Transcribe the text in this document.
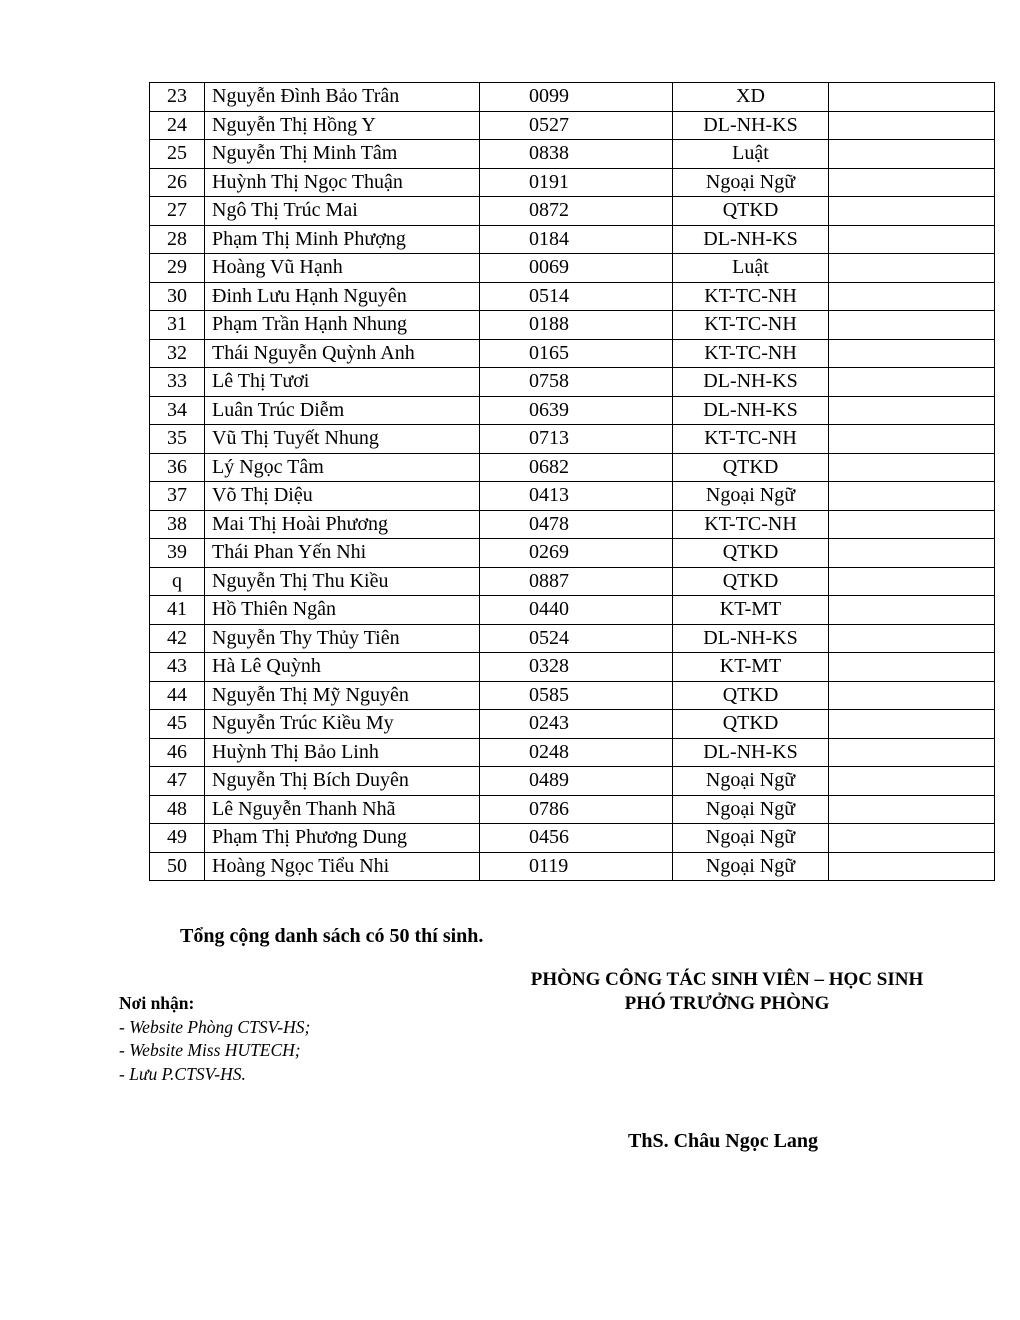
23	Nguyễn Đình Bảo Trân	0099	XD	
24	Nguyễn Thị Hồng Y	0527	DL-NH-KS	
25	Nguyễn Thị Minh Tâm	0838	Luật	
26	Huỳnh Thị Ngọc Thuận	0191	Ngoại Ngữ	
27	Ngô Thị Trúc Mai	0872	QTKD	
28	Phạm Thị Minh Phượng	0184	DL-NH-KS	
29	Hoàng Vũ Hạnh	0069	Luật	
30	Đinh Lưu Hạnh Nguyên	0514	KT-TC-NH	
31	Phạm Trần Hạnh Nhung	0188	KT-TC-NH	
32	Thái Nguyễn Quỳnh Anh	0165	KT-TC-NH	
33	Lê Thị Tươi	0758	DL-NH-KS	
34	Luân Trúc Diễm	0639	DL-NH-KS	
35	Vũ Thị Tuyết Nhung	0713	KT-TC-NH	
36	Lý Ngọc Tâm	0682	QTKD	
37	Võ Thị Diệu	0413	Ngoại Ngữ	
38	Mai Thị Hoài Phương	0478	KT-TC-NH	
39	Thái Phan Yến Nhi	0269	QTKD	
q	Nguyễn Thị Thu Kiều	0887	QTKD	
41	Hồ Thiên Ngân	0440	KT-MT	
42	Nguyễn Thy Thủy Tiên	0524	DL-NH-KS	
43	Hà Lê Quỳnh	0328	KT-MT	
44	Nguyễn Thị Mỹ Nguyên	0585	QTKD	
45	Nguyễn Trúc Kiều My	0243	QTKD	
46	Huỳnh Thị Bảo Linh	0248	DL-NH-KS	
47	Nguyễn Thị Bích Duyên	0489	Ngoại Ngữ	
48	Lê Nguyễn Thanh Nhã	0786	Ngoại Ngữ	
49	Phạm Thị Phương Dung	0456	Ngoại Ngữ	
50	Hoàng Ngọc Tiểu Nhi	0119	Ngoại Ngữ	
Tổng cộng danh sách có 50 thí sinh.
PHÒNG CÔNG TÁC SINH VIÊN – HỌC SINH
PHÓ TRƯỞNG PHÒNG
Nơi nhận:
- Website Phòng CTSV-HS;
- Website Miss HUTECH;
- Lưu P.CTSV-HS.
ThS. Châu Ngọc Lang
